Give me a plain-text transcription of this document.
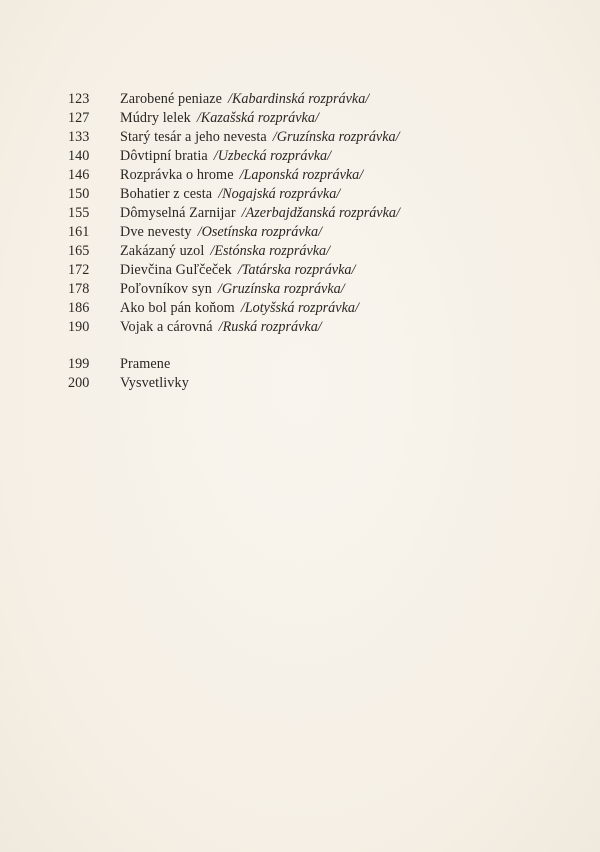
123	Zarobené peniaze /Kabardinská rozprávka/
127	Múdry lelek /Kazašská rozprávka/
133	Starý tesár a jeho nevesta /Gruzínska rozprávka/
140	Dôvtipní bratia /Uzbecká rozprávka/
146	Rozprávka o hrome /Laponská rozprávka/
150	Bohatier z cesta /Nogajská rozprávka/
155	Dômyselná Zarnijar /Azerbajdžanská rozprávka/
161	Dve nevesty /Osetínska rozprávka/
165	Zakázaný uzol /Estónska rozprávka/
172	Dievčina Guľčeček /Tatárska rozprávka/
178	Poľovníkov syn /Gruzínska rozprávka/
186	Ako bol pán koňom /Lotyšská rozprávka/
190	Vojak a cárovná /Ruská rozprávka/
199	Pramene
200	Vysvetlivky
